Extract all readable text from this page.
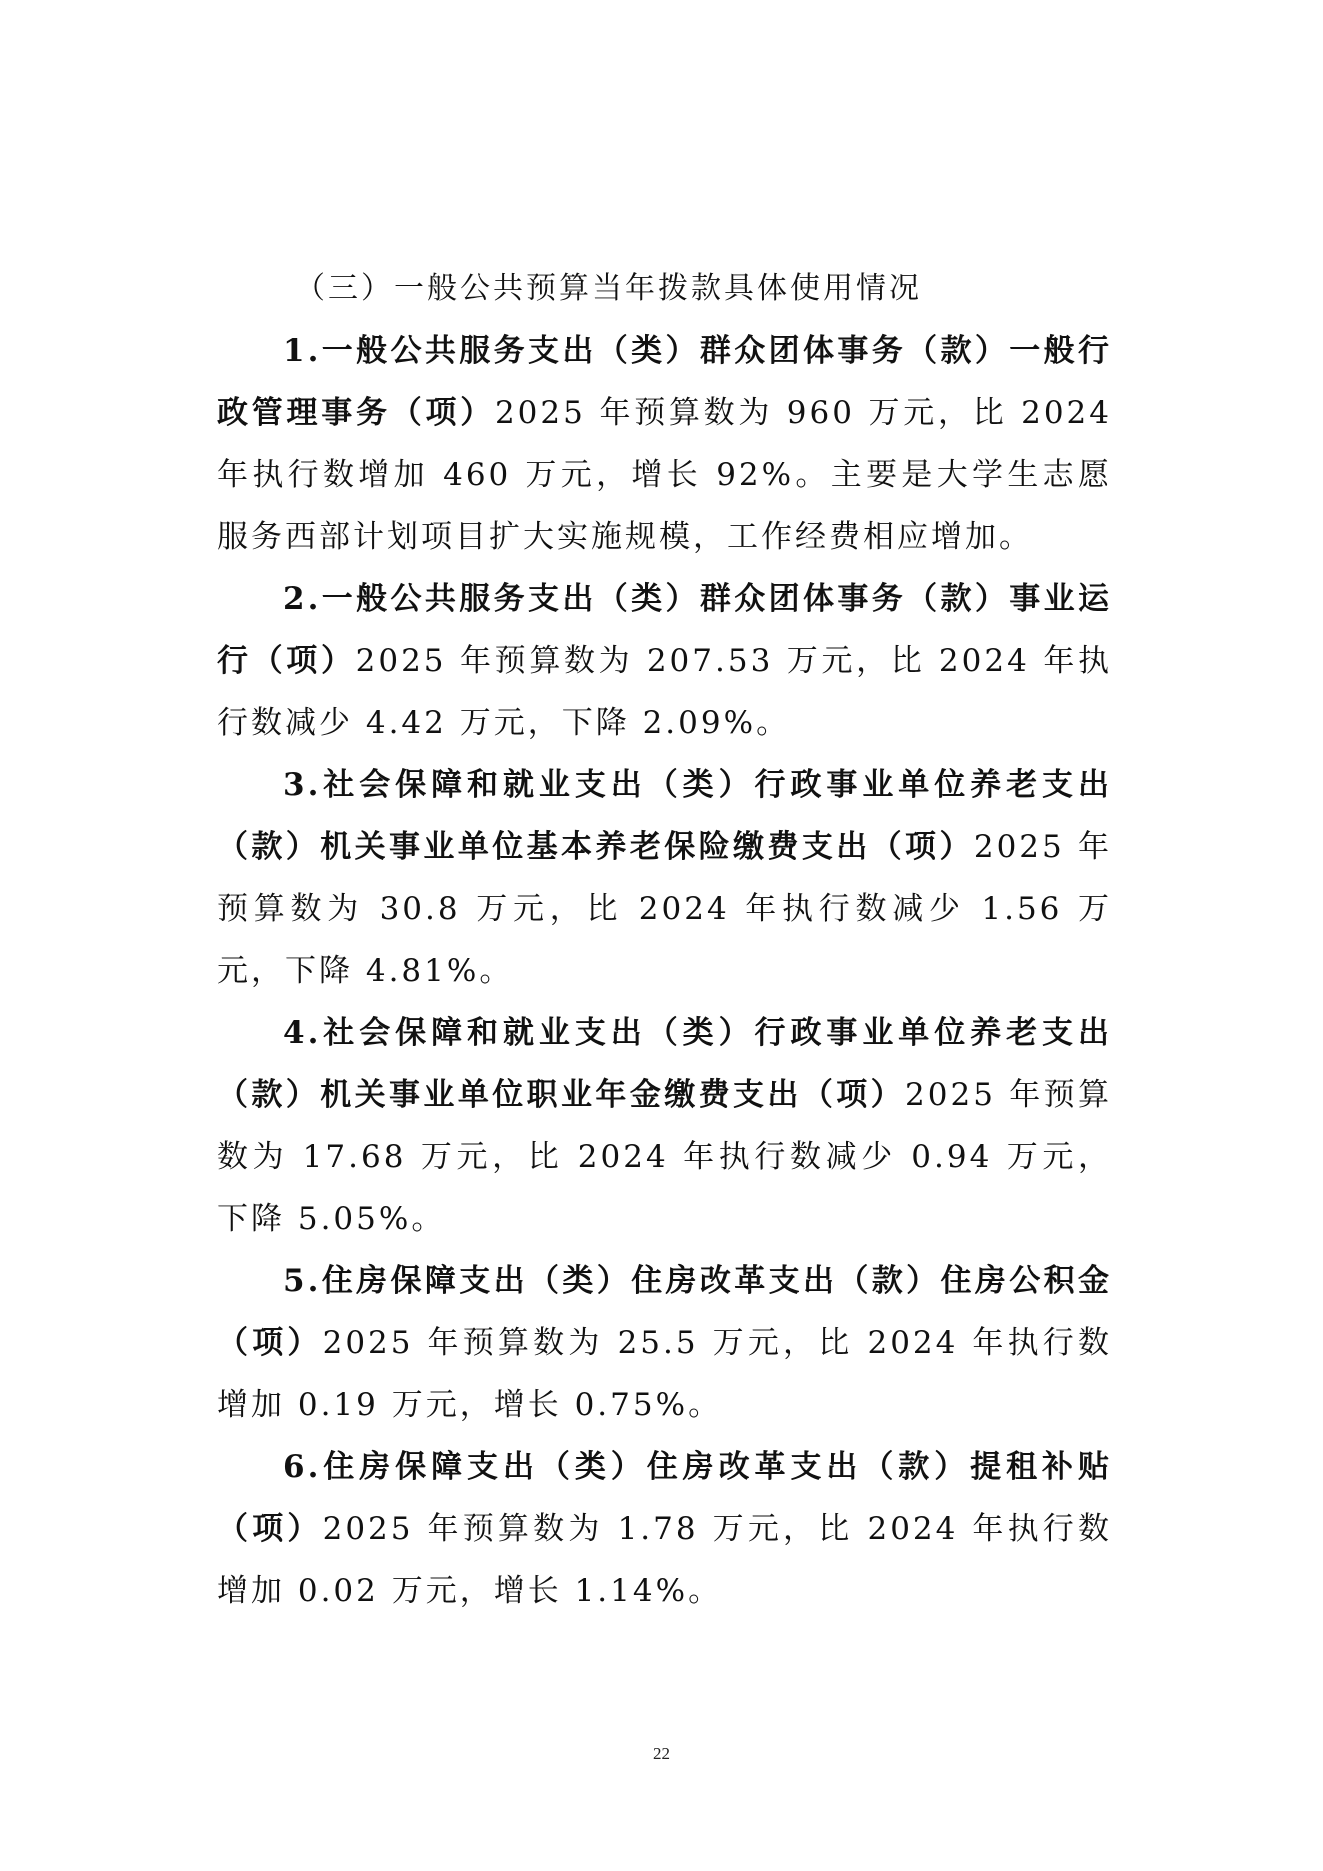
（三）一般公共预算当年拨款具体使用情况

1.一般公共服务支出（类）群众团体事务（款）一般行政管理事务（项）2025 年预算数为 960 万元，比 2024 年执行数增加 460 万元，增长 92%。主要是大学生志愿服务西部计划项目扩大实施规模，工作经费相应增加。

2.一般公共服务支出（类）群众团体事务（款）事业运行（项）2025 年预算数为 207.53 万元，比 2024 年执行数减少 4.42 万元，下降 2.09%。

3.社会保障和就业支出（类）行政事业单位养老支出（款）机关事业单位基本养老保险缴费支出（项）2025 年预算数为 30.8 万元，比 2024 年执行数减少 1.56 万元，下降 4.81%。

4.社会保障和就业支出（类）行政事业单位养老支出（款）机关事业单位职业年金缴费支出（项）2025 年预算数为 17.68 万元，比 2024 年执行数减少 0.94 万元，下降 5.05%。

5.住房保障支出（类）住房改革支出（款）住房公积金（项）2025 年预算数为 25.5 万元，比 2024 年执行数增加 0.19 万元，增长 0.75%。

6.住房保障支出（类）住房改革支出（款）提租补贴（项）2025 年预算数为 1.78 万元，比 2024 年执行数增加 0.02 万元，增长 1.14%。

22
